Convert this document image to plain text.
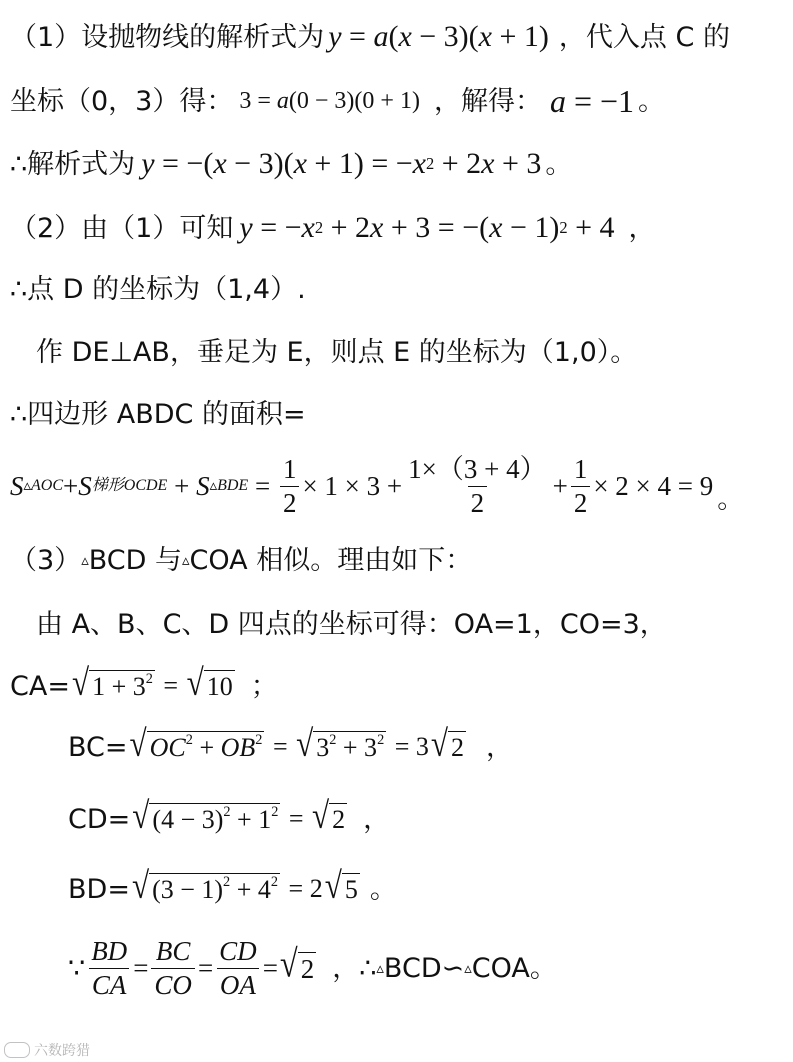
（1）设抛物线的解析式为 y = a ( x − 3)( x + 1) ，代入点 C 的
坐标（0，3）得： 3 = a (0 − 3)(0 + 1) ，解得： a = −1 。
∴解析式为 y = −( x − 3)( x + 1) = − x 2 + 2 x + 3 。
（2）由（1）可知 y = − x 2 + 2 x + 3 = −( x − 1) 2 + 4 ，
∴点 D 的坐标为（1,4）.
作 DE⊥AB，垂足为 E，则点 E 的坐标为（1,0）。
∴四边形 ABDC 的面积=
S ▵AOC + S 梯形OCDE + S ▵BDE = $\frac{1}{2} \times 1 \times 3 + \frac{1\times(3 + 4)}{2} + \frac{1}{2} \times 2 \times 4 = 9$ 。
（3） ▵ BCD 与 ▵ COA 相似。理由如下：
由 A、B、C、D 四点的坐标可得：OA=1，CO=3，
CA= √ $1 + 3^2$ = √ 10 ；
BC= √ $OC^2 + OB^2$ = √ $3^2 + 3^2 = 3$ √ 2 ，
CD= √ $(4 - 3)^2 + 1^2$ = √ 2 ，
BD= √ $(3 - 1)^2 + 4^2 = 2$ √ 5 。
∵ $\frac{BD}{CA} = \frac{BC}{CO} = \frac{CD}{OA}$ = √ 2 ，∴ ▵ BCD∽ ▵ COA。
六数跨猎
